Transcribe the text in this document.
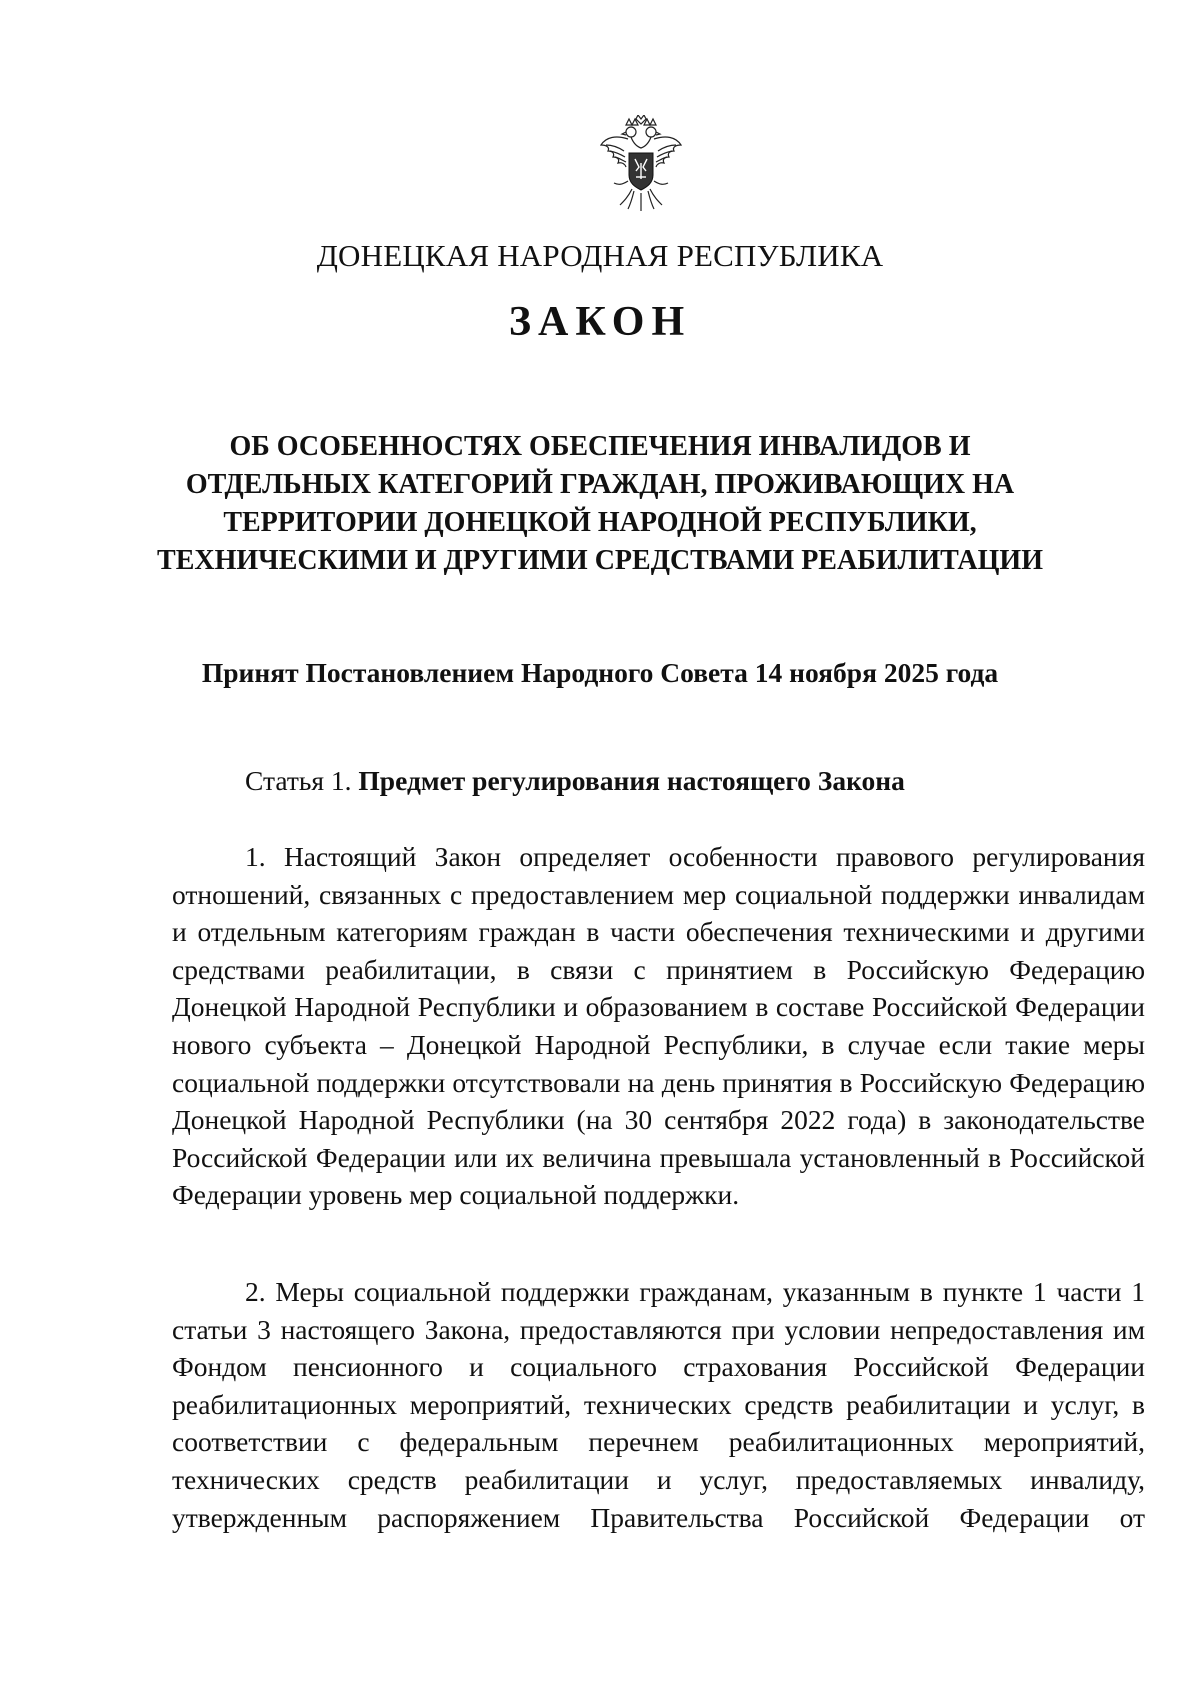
ДОНЕЦКАЯ НАРОДНАЯ РЕСПУБЛИКА
ЗАКОН
ОБ ОСОБЕННОСТЯХ ОБЕСПЕЧЕНИЯ ИНВАЛИДОВ И ОТДЕЛЬНЫХ КАТЕГОРИЙ ГРАЖДАН, ПРОЖИВАЮЩИХ НА ТЕРРИТОРИИ ДОНЕЦКОЙ НАРОДНОЙ РЕСПУБЛИКИ, ТЕХНИЧЕСКИМИ И ДРУГИМИ СРЕДСТВАМИ РЕАБИЛИТАЦИИ
Принят Постановлением Народного Совета 14 ноября 2025 года
Статья 1. Предмет регулирования настоящего Закона

1. Настоящий Закон определяет особенности правового регулирования отношений, связанных с предоставлением мер социальной поддержки инвалидам и отдельным категориям граждан в части обеспечения техническими и другими средствами реабилитации, в связи с принятием в Российскую Федерацию Донецкой Народной Республики и образованием в составе Российской Федерации нового субъекта – Донецкой Народной Республики, в случае если такие меры социальной поддержки отсутствовали на день принятия в Российскую Федерацию Донецкой Народной Республики (на 30 сентября 2022 года) в законодательстве Российской Федерации или их величина превышала установленный в Российской Федерации уровень мер социальной поддержки.

2. Меры социальной поддержки гражданам, указанным в пункте 1 части 1 статьи 3 настоящего Закона, предоставляются при условии непредоставления им Фондом пенсионного и социального страхования Российской Федерации реабилитационных мероприятий, технических средств реабилитации и услуг, в соответствии с федеральным перечнем реабилитационных мероприятий, технических средств реабилитации и услуг, предоставляемых инвалиду, утвержденным распоряжением Правительства Российской Федерации от
